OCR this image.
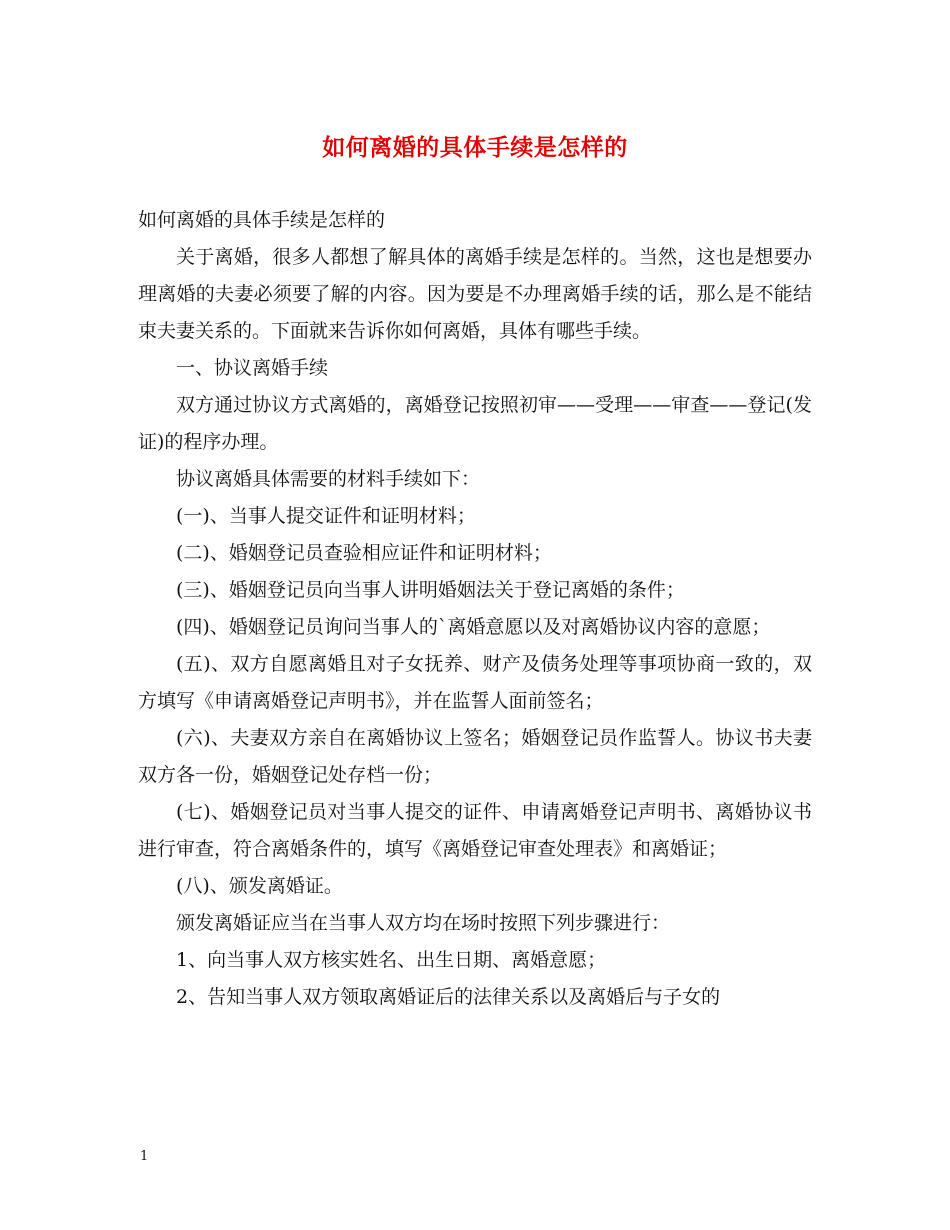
如何离婚的具体手续是怎样的

如何离婚的具体手续是怎样的

关于离婚，很多人都想了解具体的离婚手续是怎样的。当然，这也是想要办理离婚的夫妻必须要了解的内容。因为要是不办理离婚手续的话，那么是不能结束夫妻关系的。下面就来告诉你如何离婚，具体有哪些手续。

一、协议离婚手续

双方通过协议方式离婚的，离婚登记按照初审——受理——审查——登记(发证)的程序办理。

协议离婚具体需要的材料手续如下：

(一)、当事人提交证件和证明材料；

(二)、婚姻登记员查验相应证件和证明材料；

(三)、婚姻登记员向当事人讲明婚姻法关于登记离婚的条件；

(四)、婚姻登记员询问当事人的`离婚意愿以及对离婚协议内容的意愿；

(五)、双方自愿离婚且对子女抚养、财产及债务处理等事项协商一致的，双方填写《申请离婚登记声明书》，并在监誓人面前签名；

(六)、夫妻双方亲自在离婚协议上签名；婚姻登记员作监誓人。协议书夫妻双方各一份，婚姻登记处存档一份；

(七)、婚姻登记员对当事人提交的证件、申请离婚登记声明书、离婚协议书进行审查，符合离婚条件的，填写《离婚登记审查处理表》和离婚证；

(八)、颁发离婚证。

颁发离婚证应当在当事人双方均在场时按照下列步骤进行：

1、向当事人双方核实姓名、出生日期、离婚意愿；

2、告知当事人双方领取离婚证后的法律关系以及离婚后与子女的

1
